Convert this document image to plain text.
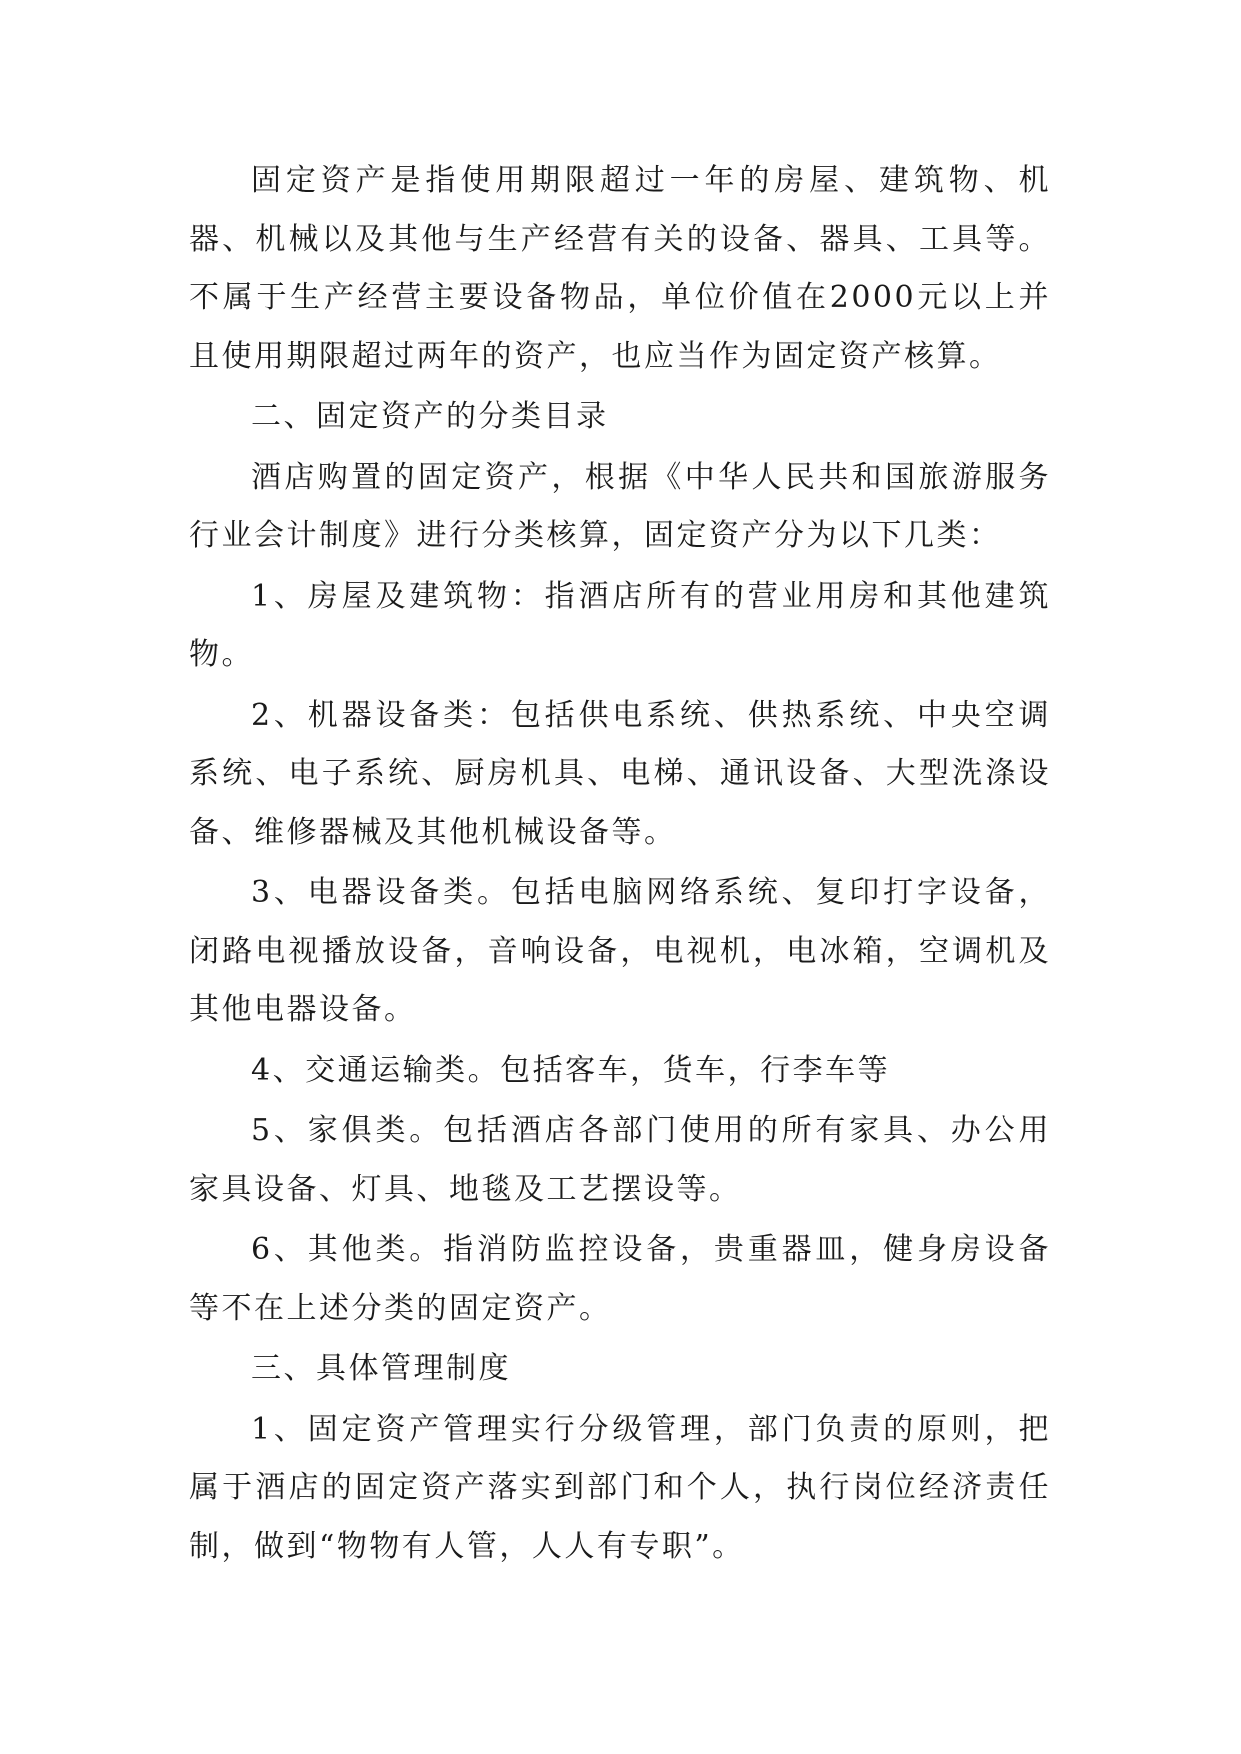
固定资产是指使用期限超过一年的房屋、建筑物、机器、机械以及其他与生产经营有关的设备、器具、工具等。不属于生产经营主要设备物品，单位价值在2000元以上并且使用期限超过两年的资产，也应当作为固定资产核算。

二、固定资产的分类目录

酒店购置的固定资产，根据《中华人民共和国旅游服务行业会计制度》进行分类核算，固定资产分为以下几类：

1、房屋及建筑物：指酒店所有的营业用房和其他建筑物。

2、机器设备类：包括供电系统、供热系统、中央空调系统、电子系统、厨房机具、电梯、通讯设备、大型洗涤设备、维修器械及其他机械设备等。

3、电器设备类。包括电脑网络系统、复印打字设备，闭路电视播放设备，音响设备，电视机，电冰箱，空调机及其他电器设备。

4、交通运输类。包括客车，货车，行李车等

5、家俱类。包括酒店各部门使用的所有家具、办公用家具设备、灯具、地毯及工艺摆设等。

6、其他类。指消防监控设备，贵重器皿，健身房设备等不在上述分类的固定资产。

三、具体管理制度

1、固定资产管理实行分级管理，部门负责的原则，把属于酒店的固定资产落实到部门和个人，执行岗位经济责任制，做到“物物有人管，人人有专职”。
